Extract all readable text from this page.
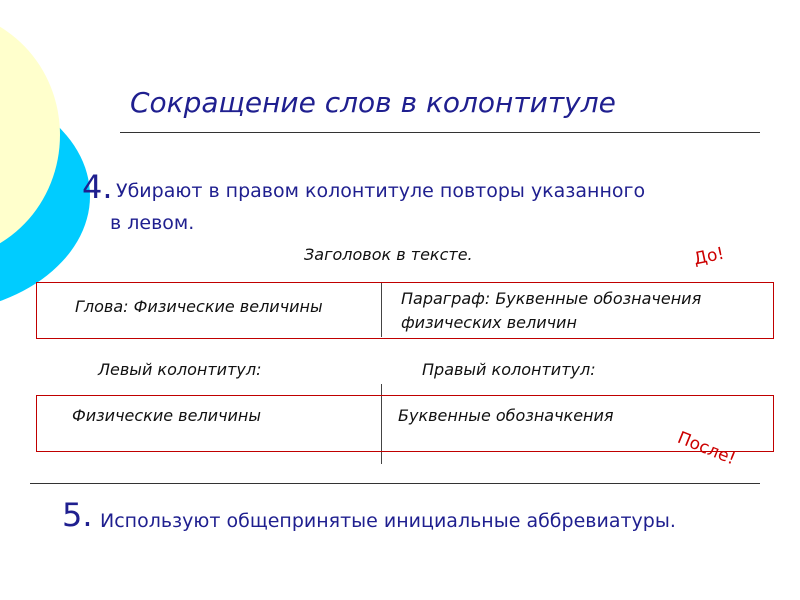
Сокращение слов в колонтитуле
4. Убирают в правом колонтитуле повторы указанного
в левом.
Заголовок в тексте.	До!
Глова: Физические величины	Параграф: Буквенные обозначения
физических величин
Левый колонтитул:	Правый колонтитул:
Физические величины	Буквенные обозначкения
После!
5. Используют общепринятые инициальные аббревиатуры.
